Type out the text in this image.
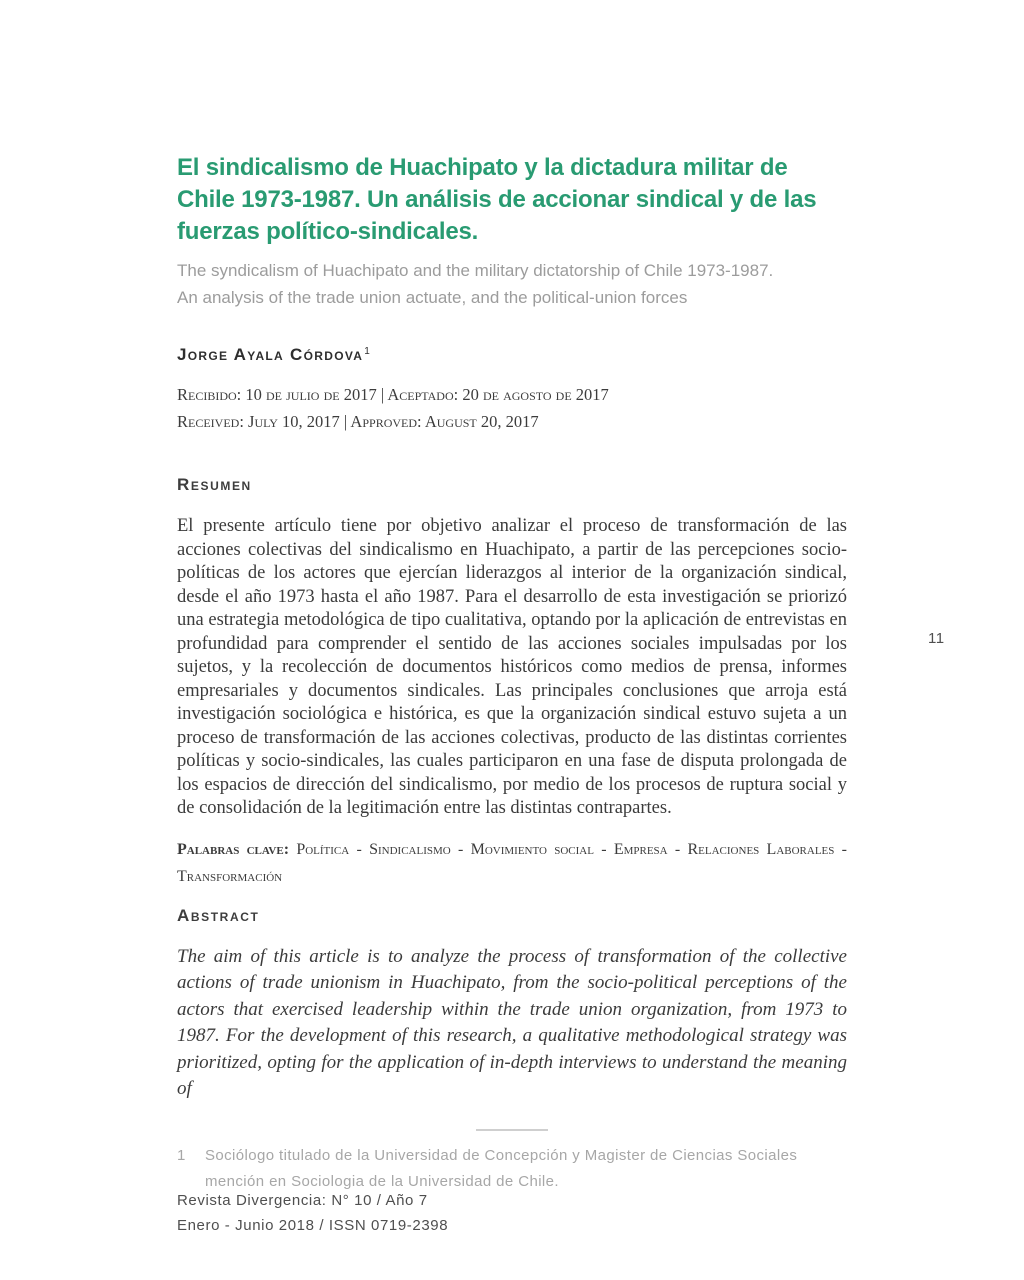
El sindicalismo de Huachipato y la dictadura militar de
Chile 1973-1987. Un análisis de accionar sindical y de las
fuerzas político-sindicales.
The syndicalism of Huachipato and the military dictatorship of Chile 1973-1987.
An analysis of the trade union actuate, and the political-union forces
Jorge Ayala Córdova$^1$
Recibido: 10 de julio de 2017 | Aceptado: 20 de agosto de 2017
Received: July 10, 2017 | Approved: August 20, 2017
Resumen

El presente artículo tiene por objetivo analizar el proceso de transformación de las acciones colectivas del sindicalismo en Huachipato, a partir de las percepciones socio-políticas de los actores que ejercían liderazgos al interior de la organización sindical, desde el año 1973 hasta el año 1987. Para el desarrollo de esta investigación se priorizó una estrategia metodológica de tipo cualitativa, optando por la aplicación de entrevistas en profundidad para comprender el sentido de las acciones sociales impulsadas por los sujetos, y la recolección de documentos históricos como medios de prensa, informes empresariales y documentos sindicales. Las principales conclusiones que arroja está investigación sociológica e histórica, es que la organización sindical estuvo sujeta a un proceso de transformación de las acciones colectivas, producto de las distintas corrientes políticas y socio-sindicales, las cuales participaron en una fase de disputa prolongada de los espacios de dirección del sindicalismo, por medio de los procesos de ruptura social y de consolidación de la legitimación entre las distintas contrapartes.

Palabras clave: Política - Sindicalismo - Movimiento social - Empresa - Relaciones Laborales - Transformación

Abstract

The aim of this article is to analyze the process of transformation of the collective actions of trade unionism in Huachipato, from the socio-political perceptions of the actors that exercised leadership within the trade union organization, from 1973 to 1987. For the development of this research, a qualitative methodological strategy was prioritized, opting for the application of in-depth interviews to understand the meaning of

1	Sociólogo titulado de la Universidad de Concepción y Magister de Ciencias Sociales mención en Sociologia de la Universidad de Chile.
Revista Divergencia: N° 10 / Año 7
Enero - Junio 2018 / ISSN 0719-2398
11
